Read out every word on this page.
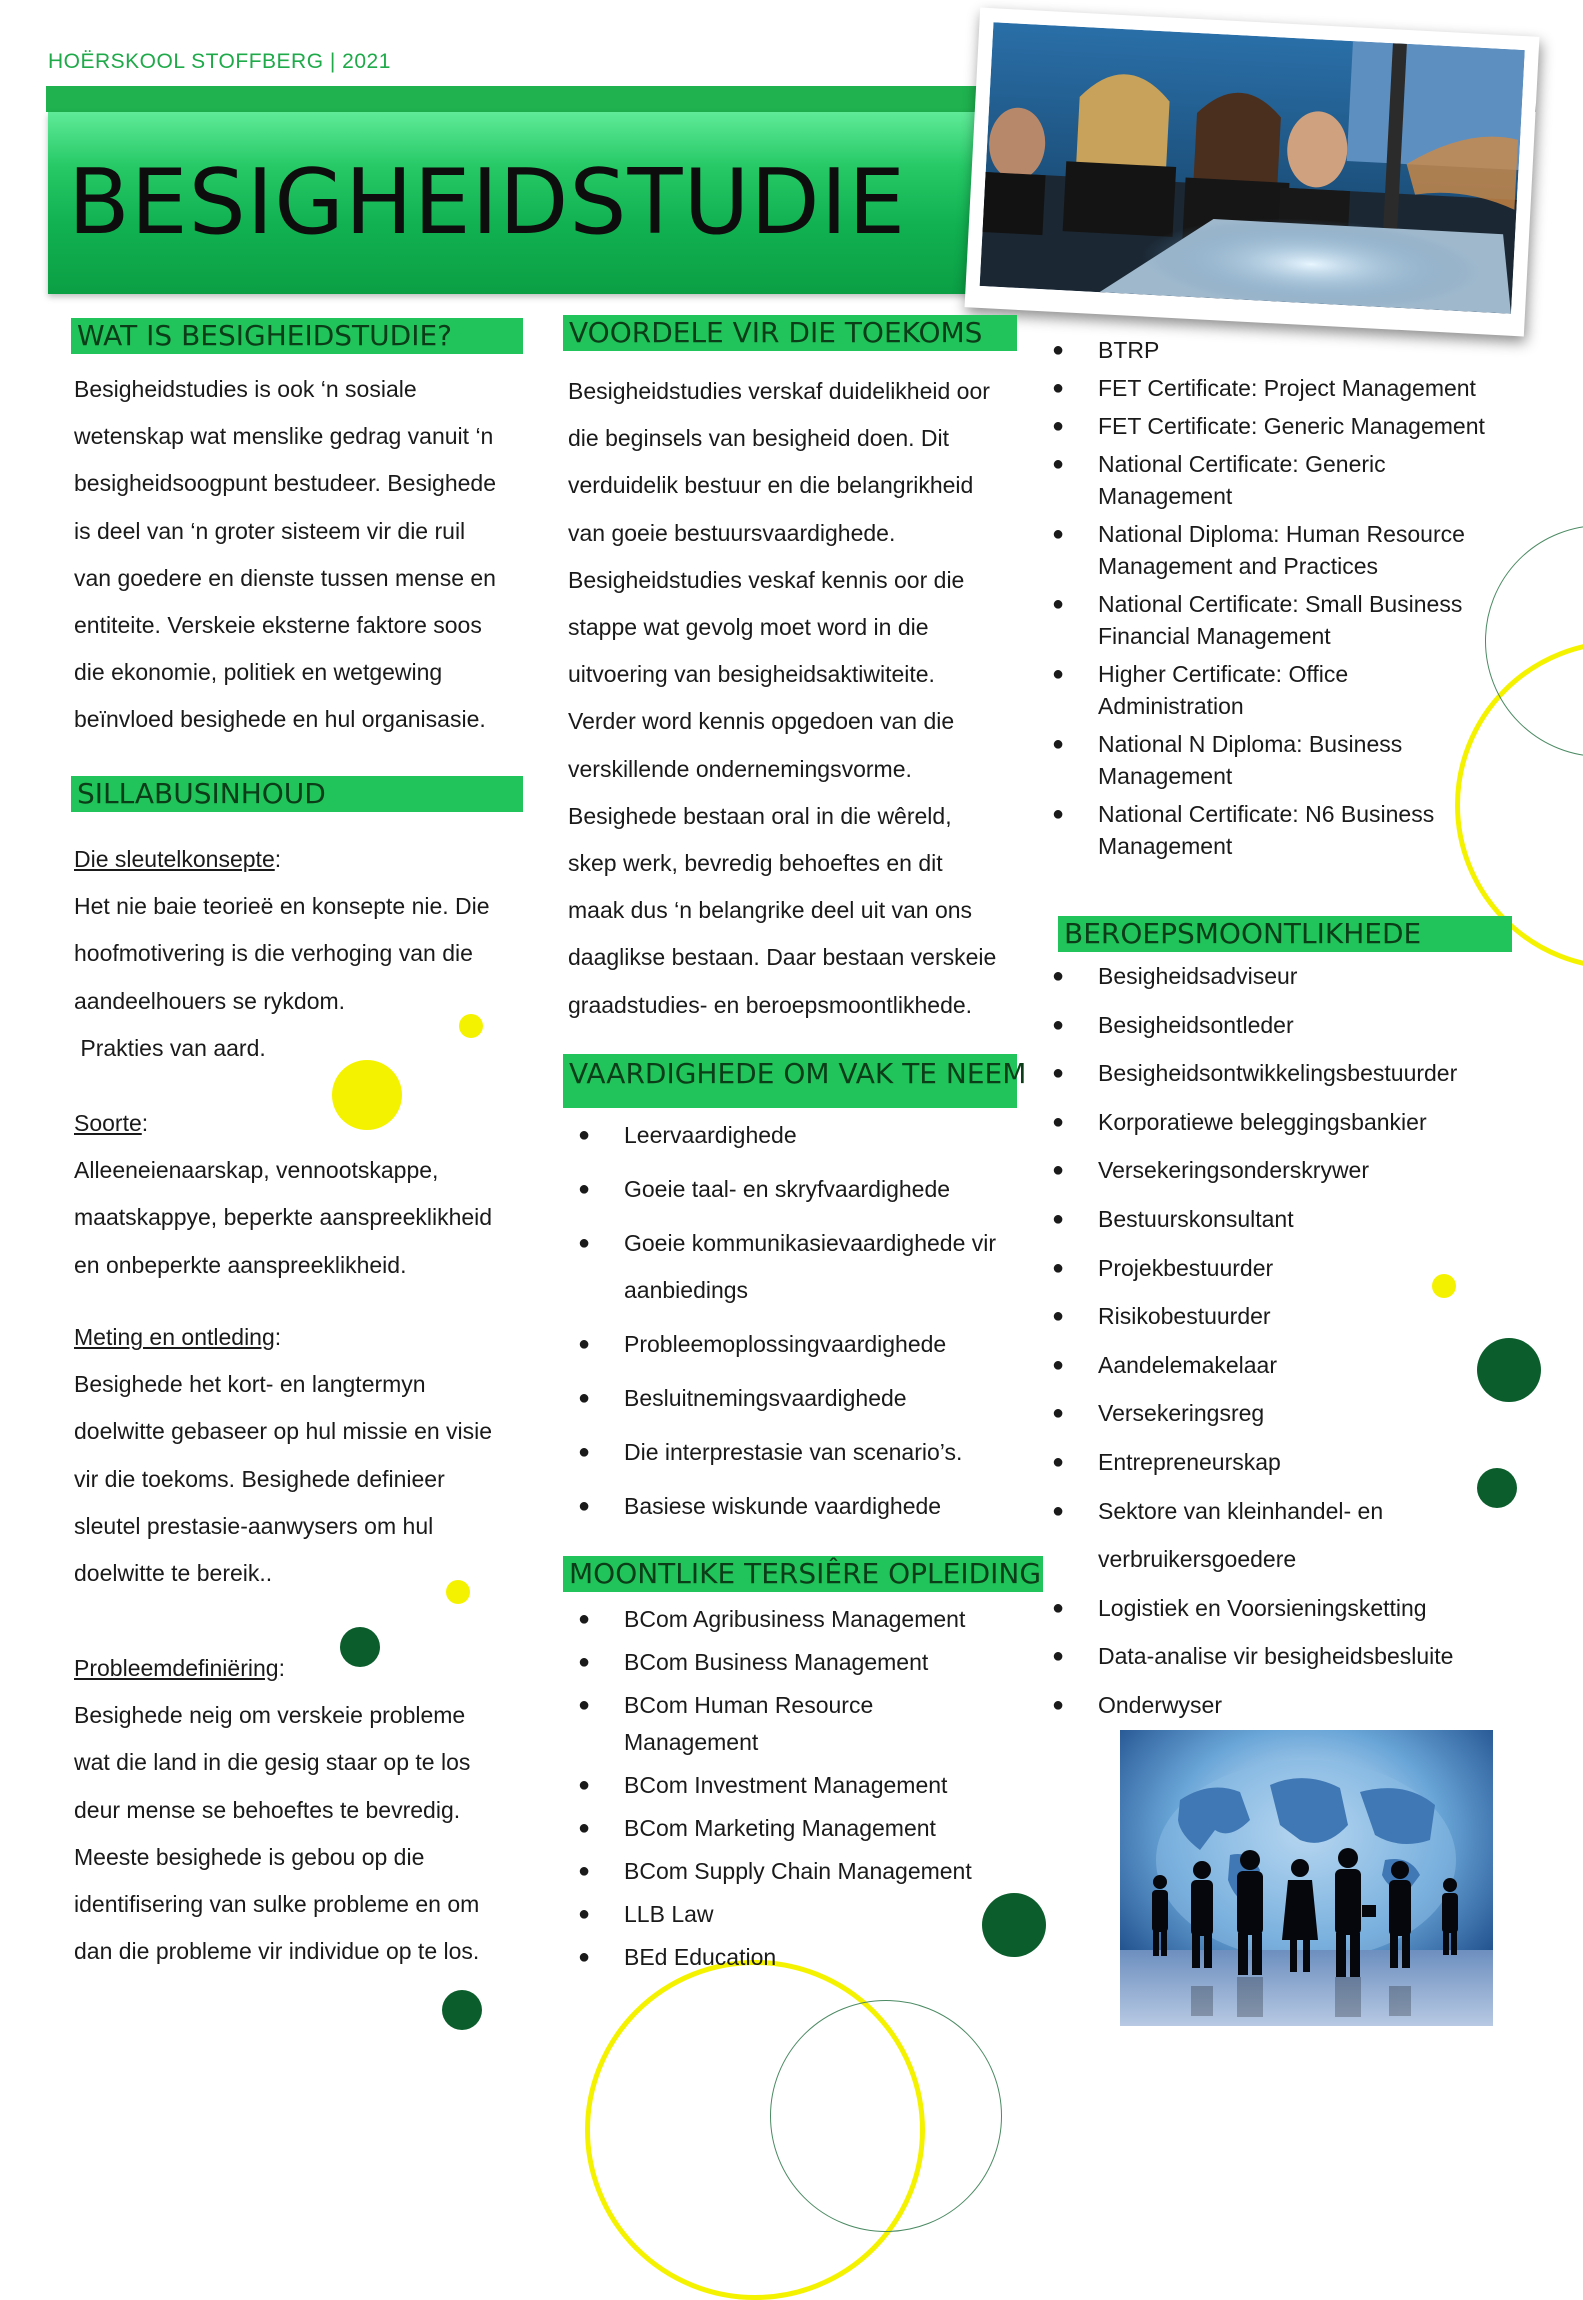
HOËRSKOOL STOFFBERG | 2021
BESIGHEIDSTUDIE
WAT IS BESIGHEIDSTUDIE?
Besigheidstudies is ook ‘n sosiale
wetenskap wat menslike gedrag vanuit ‘n
besigheidsoogpunt bestudeer. Besighede
is deel van ‘n groter sisteem vir die ruil
van goedere en dienste tussen mense en
entiteite. Verskeie eksterne faktore soos
die ekonomie, politiek en wetgewing
beïnvloed besighede en hul organisasie.
SILLABUSINHOUD
Die sleutelkonsepte:
Het nie baie teorieë en konsepte nie. Die
hoofmotivering is die verhoging van die
aandeelhouers se rykdom.
Prakties van aard.
Soorte:
Alleeneienaarskap, vennootskappe,
maatskappye, beperkte aanspreeklikheid
en onbeperkte aanspreeklikheid.
Meting en ontleding:
Besighede het kort- en langtermyn
doelwitte gebaseer op hul missie en visie
vir die toekoms. Besighede definieer
sleutel prestasie-aanwysers om hul
doelwitte te bereik..
Probleemdefiniëring:
Besighede neig om verskeie probleme
wat die land in die gesig staar op te los
deur mense se behoeftes te bevredig.
Meeste besighede is gebou op die
identifisering van sulke probleme en om
dan die probleme vir individue op te los.
VOORDELE VIR DIE TOEKOMS
Besigheidstudies verskaf duidelikheid oor
die beginsels van besigheid doen. Dit
verduidelik bestuur en die belangrikheid
van goeie bestuursvaardighede.
Besigheidstudies veskaf kennis oor die
stappe wat gevolg moet word in die
uitvoering van besigheidsaktiwiteite.
Verder word kennis opgedoen van die
verskillende ondernemingsvorme.
Besighede bestaan oral in die wêreld,
skep werk, bevredig behoeftes en dit
maak dus ‘n belangrike deel uit van ons
daaglikse bestaan. Daar bestaan verskeie
graadstudies- en beroepsmoontlikhede.
VAARDIGHEDE OM VAK TE NEEM
● Leervaardighede
● Goeie taal- en skryfvaardighede
● Goeie kommunikasievaardighede vir
aanbiedings
● Probleemoplossingvaardighede
● Besluitnemingsvaardighede
● Die interprestasie van scenario’s.
● Basiese wiskunde vaardighede
MOONTLIKE TERSIÊRE OPLEIDING
● BCom Agribusiness Management
● BCom Business Management
● BCom Human Resource
Management
● BCom Investment Management
● BCom Marketing Management
● BCom Supply Chain Management
● LLB Law
● BEd Education
● BTRP
● FET Certificate: Project Management
● FET Certificate: Generic Management
● National Certificate: Generic
Management
● National Diploma: Human Resource
Management and Practices
● National Certificate: Small Business
Financial Management
● Higher Certificate: Office
Administration
● National N Diploma: Business
Management
● National Certificate: N6 Business
Management
BEROEPSMOONTLIKHEDE
● Besigheidsadviseur
● Besigheidsontleder
● Besigheidsontwikkelingsbestuurder
● Korporatiewe beleggingsbankier
● Versekeringsonderskrywer
● Bestuurskonsultant
● Projekbestuurder
● Risikobestuurder
● Aandelemakelaar
● Versekeringsreg
● Entrepreneurskap
● Sektore van kleinhandel- en
verbruikersgoedere
● Logistiek en Voorsieningsketting
● Data-analise vir besigheidsbesluite
● Onderwyser
